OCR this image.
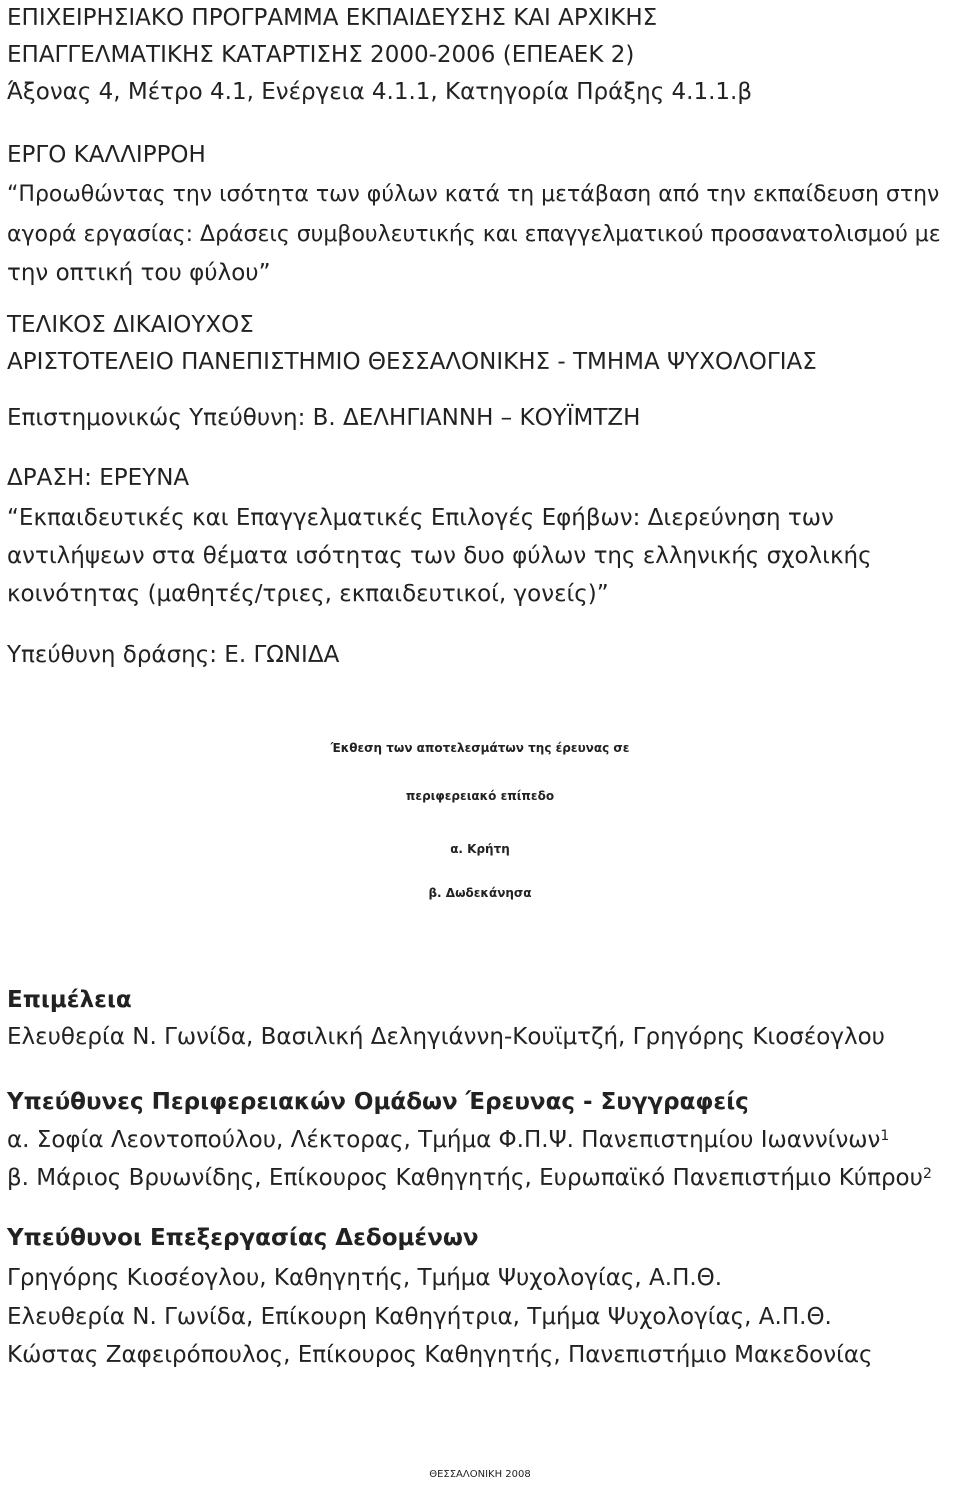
ΕΠΙΧΕΙΡΗΣΙΑΚΟ ΠΡΟΓΡΑΜΜΑ ΕΚΠΑΙΔΕΥΣΗΣ ΚΑΙ ΑΡΧΙΚΗΣ
ΕΠΑΓΓΕΛΜΑΤΙΚΗΣ ΚΑΤΑΡΤΙΣΗΣ 2000-2006 (ΕΠΕΑΕΚ 2)
Άξονας 4, Μέτρο 4.1, Ενέργεια 4.1.1, Κατηγορία Πράξης 4.1.1.β
ΕΡΓΟ ΚΑΛΛΙΡΡΟΗ
“Προωθώντας την ισότητα των φύλων κατά τη μετάβαση από την εκπαίδευση στην
αγορά εργασίας: Δράσεις συμβουλευτικής και επαγγελματικού προσανατολισμού με
την οπτική του φύλου”
ΤΕΛΙΚΟΣ ΔΙΚΑΙΟΥΧΟΣ
ΑΡΙΣΤΟΤΕΛΕΙΟ ΠΑΝΕΠΙΣΤΗΜΙΟ ΘΕΣΣΑΛΟΝΙΚΗΣ - ΤΜΗΜΑ ΨΥΧΟΛΟΓΙΑΣ
Επιστημονικώς Υπεύθυνη: Β. ΔΕΛΗΓΙΑΝΝΗ – ΚΟΥΪΜΤΖΗ
ΔΡΑΣΗ: ΕΡΕΥΝΑ
“Εκπαιδευτικές και Επαγγελματικές Επιλογές Εφήβων: Διερεύνηση των
αντιλήψεων στα θέματα ισότητας των δυο φύλων της ελληνικής σχολικής
κοινότητας (μαθητές/τριες, εκπαιδευτικοί, γονείς)”
Υπεύθυνη δράσης: Ε. ΓΩΝΙΔΑ
Έκθεση των αποτελεσμάτων της έρευνας σε
περιφερειακό επίπεδο
α. Κρήτη
β. Δωδεκάνησα
Επιμέλεια
Ελευθερία Ν. Γωνίδα, Βασιλική Δεληγιάννη-Κουϊμτζή, Γρηγόρης Κιοσέογλου
Υπεύθυνες Περιφερειακών Ομάδων Έρευνας - Συγγραφείς
α. Σοφία Λεοντοπούλου, Λέκτορας, Τμήμα Φ.Π.Ψ. Πανεπιστημίου Ιωαννίνων$^1$
β. Μάριος Βρυωνίδης, Επίκουρος Καθηγητής, Ευρωπαϊκό Πανεπιστήμιο Κύπρου$^2$
Υπεύθυνοι Επεξεργασίας Δεδομένων
Γρηγόρης Κιοσέογλου, Καθηγητής, Τμήμα Ψυχολογίας, Α.Π.Θ.
Ελευθερία Ν. Γωνίδα, Επίκουρη Καθηγήτρια, Τμήμα Ψυχολογίας, Α.Π.Θ.
Κώστας Ζαφειρόπουλος, Επίκουρος Καθηγητής, Πανεπιστήμιο Μακεδονίας
ΘΕΣΣΑΛΟΝΙΚΗ 2008
